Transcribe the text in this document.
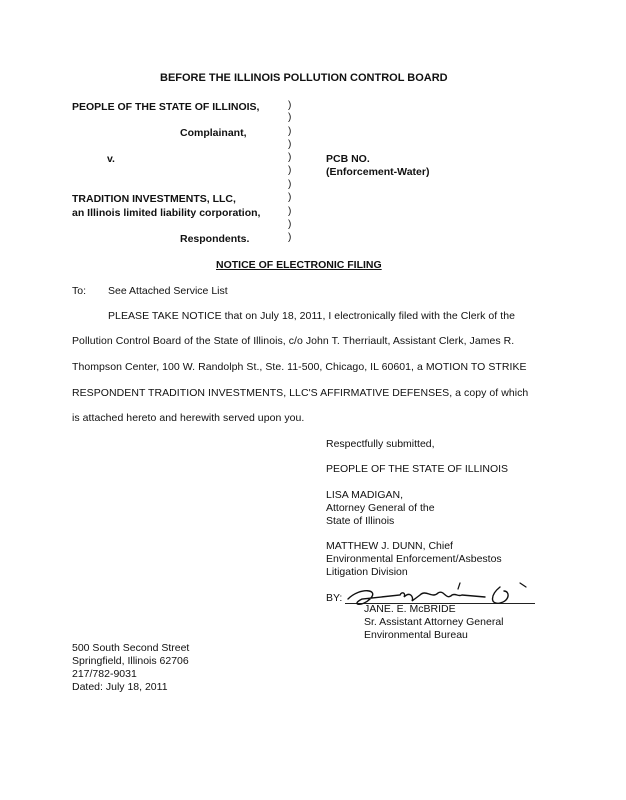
BEFORE THE ILLINOIS POLLUTION CONTROL BOARD
PEOPLE OF THE STATE OF ILLINOIS,
Complainant,
v.
TRADITION INVESTMENTS, LLC,
an Illinois limited liability corporation,
Respondents.
)
)
)
)
)
)
)
)
)
)
)
PCB NO.
(Enforcement-Water)
NOTICE OF ELECTRONIC FILING
To: See Attached Service List
PLEASE TAKE NOTICE that on July 18, 2011, I electronically filed with the Clerk of the
Pollution Control Board of the State of Illinois, c/o John T. Therriault, Assistant Clerk, James R.
Thompson Center, 100 W. Randolph St., Ste. 11-500, Chicago, IL 60601, a MOTION TO STRIKE
RESPONDENT TRADITION INVESTMENTS, LLC'S AFFIRMATIVE DEFENSES, a copy of which
is attached hereto and herewith served upon you.
Respectfully submitted,
PEOPLE OF THE STATE OF ILLINOIS
LISA MADIGAN,
Attorney General of the
State of Illinois
MATTHEW J. DUNN, Chief
Environmental Enforcement/Asbestos
Litigation Division
BY:
JANE. E. McBRIDE
Sr. Assistant Attorney General
Environmental Bureau
500 South Second Street
Springfield, Illinois 62706
217/782-9031
Dated: July 18, 2011
